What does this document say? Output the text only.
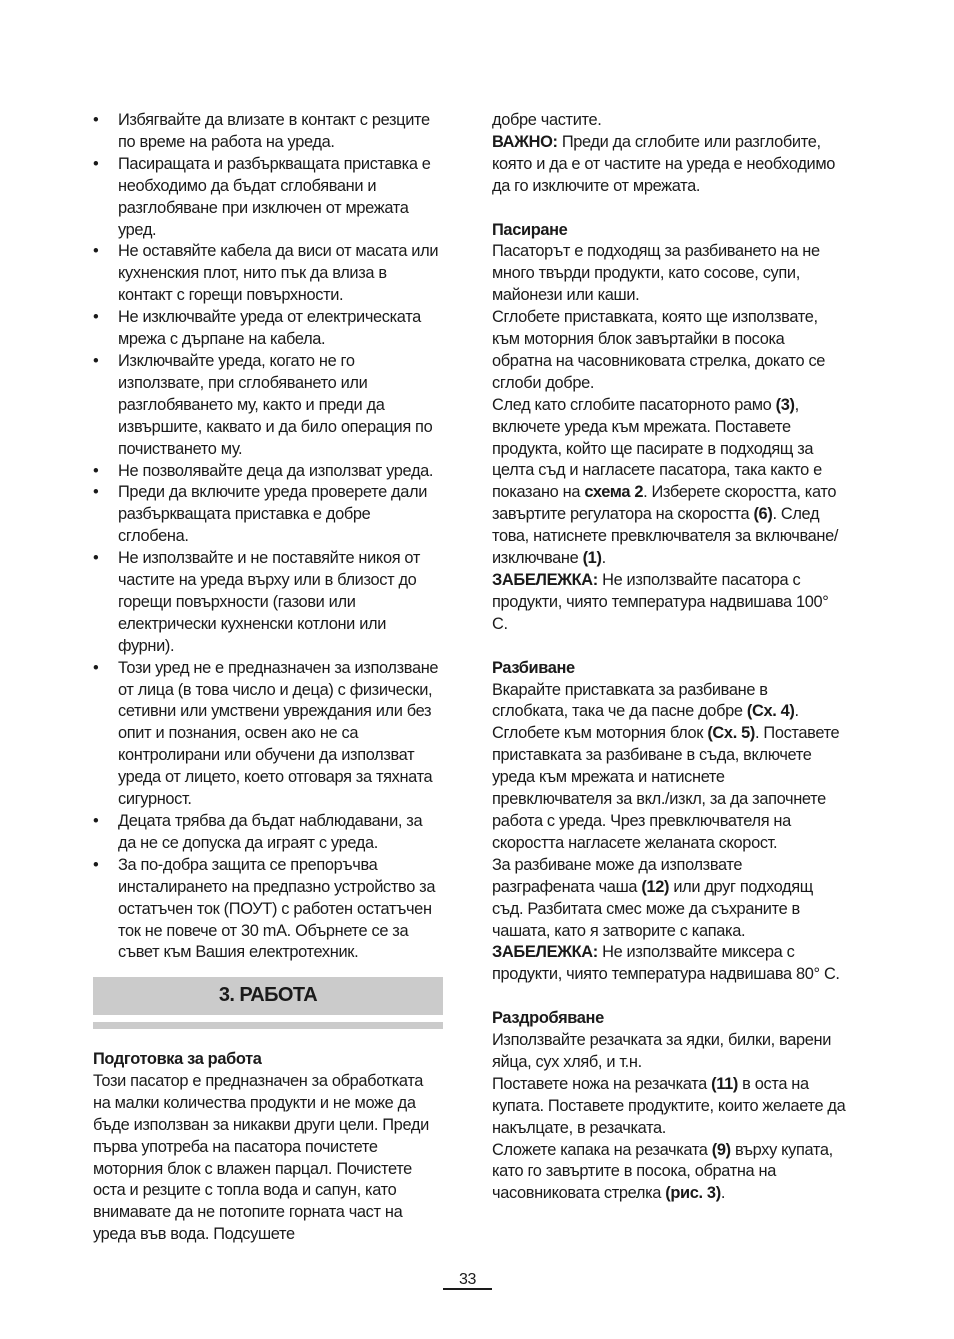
• Избягвайте да влизате в контакт с резците по време на работа на уреда.
• Пасиращата и разбъркващата приставка е необходимо да бъдат сглобявани и разглобяване при изключен от мрежата уред.
• Не оставяйте кабела да виси от масата или кухненския плот, нито пък да влиза в контакт с горещи повърхности.
• Не изключвайте уреда от електрическата мрежа с дърпане на кабела.
• Изключвайте уреда, когато не го използвате, при сглобяването или разглобяването му, както и преди да извършите, каквато и да било операция по почистването му.
• Не позволявайте деца да използват уреда.
• Преди да включите уреда проверете дали разбъркващата приставка е добре сглобена.
• Не използвайте и не поставяйте никоя от частите на уреда върху или в близост до горещи повърхности (газови или електрически кухненски котлони или фурни).
• Този уред не е предназначен за използване от лица (в това число и деца) с физически, сетивни или умствени увреждания или без опит и познания, освен ако не са контролирани или обучени да използват уреда от лицето, което отговаря за тяхната сигурност.
• Децата трябва да бъдат наблюдавани, за да не се допуска да играят с уреда.
• За по-добра защита се препоръчва инсталирането на предпазно устройство за остатъчен ток (ПОУТ) с работен остатъчен ток не повече от 30 mA. Обърнете се за съвет към Вашия електротехник.
3. РАБОТА

Подготовка за работа

Този пасатор е предназначен за обработката на малки количества продукти и не може да бъде използван за никакви други цели. Преди първа употреба на пасатора почистете моторния блок с влажен парцал. Почистете оста и резците с топла вода и сапун, като внимавате да не потопите горната част на уреда във вода. Подсушете

добре частите.

ВАЖНО: Преди да сглобите или разглобите, която и да е от частите на уреда е необходимо да го изключите от мрежата.

Пасиране

Пасаторът е подходящ за разбиването на не много твърди продукти, като сосове, супи, майонези или каши.

Сглобете приставката, която ще използвате, към моторния блок завъртайки в посока обратна на часовниковата стрелка, докато се сглоби добре.

След като сглобите пасаторното рамо (3), включете уреда към мрежата. Поставете продукта, който ще пасирате в подходящ за целта съд и нагласете пасатора, така както е показано на схема 2. Изберете скоростта, като завъртите регулатора на скоростта (6). След това, натиснете превключвателя за включване/изключване (1).

ЗАБЕЛЕЖКА: Не използвайте пасатора с продукти, чиято температура надвишава 100° С.

Разбиване

Вкарайте приставката за разбиване в сглобката, така че да пасне добре (Сх. 4). Сглобете към моторния блок (Сх. 5). Поставете приставката за разбиване в съда, включете уреда към мрежата и натиснете превключвателя за вкл./изкл, за да започнете работа с уреда. Чрез превключвателя на скоростта нагласете желаната скорост.

За разбиване може да използвате разграфената чаша (12) или друг подходящ съд. Разбитата смес може да съхраните в чашата, като я затворите с капака.

ЗАБЕЛЕЖКА: Не използвайте миксера с продукти, чиято температура надвишава 80° С.

Раздробяване

Използвайте резачката за ядки, билки, варени яйца, сух хляб, и т.н.

Поставете ножа на резачката (11) в оста на купата. Поставете продуктите, които желаете да накълцате, в резачката.

Сложете капака на резачката (9) върху купата, като го завъртите в посока, обратна на часовниковата стрелка (рис. 3).

33
